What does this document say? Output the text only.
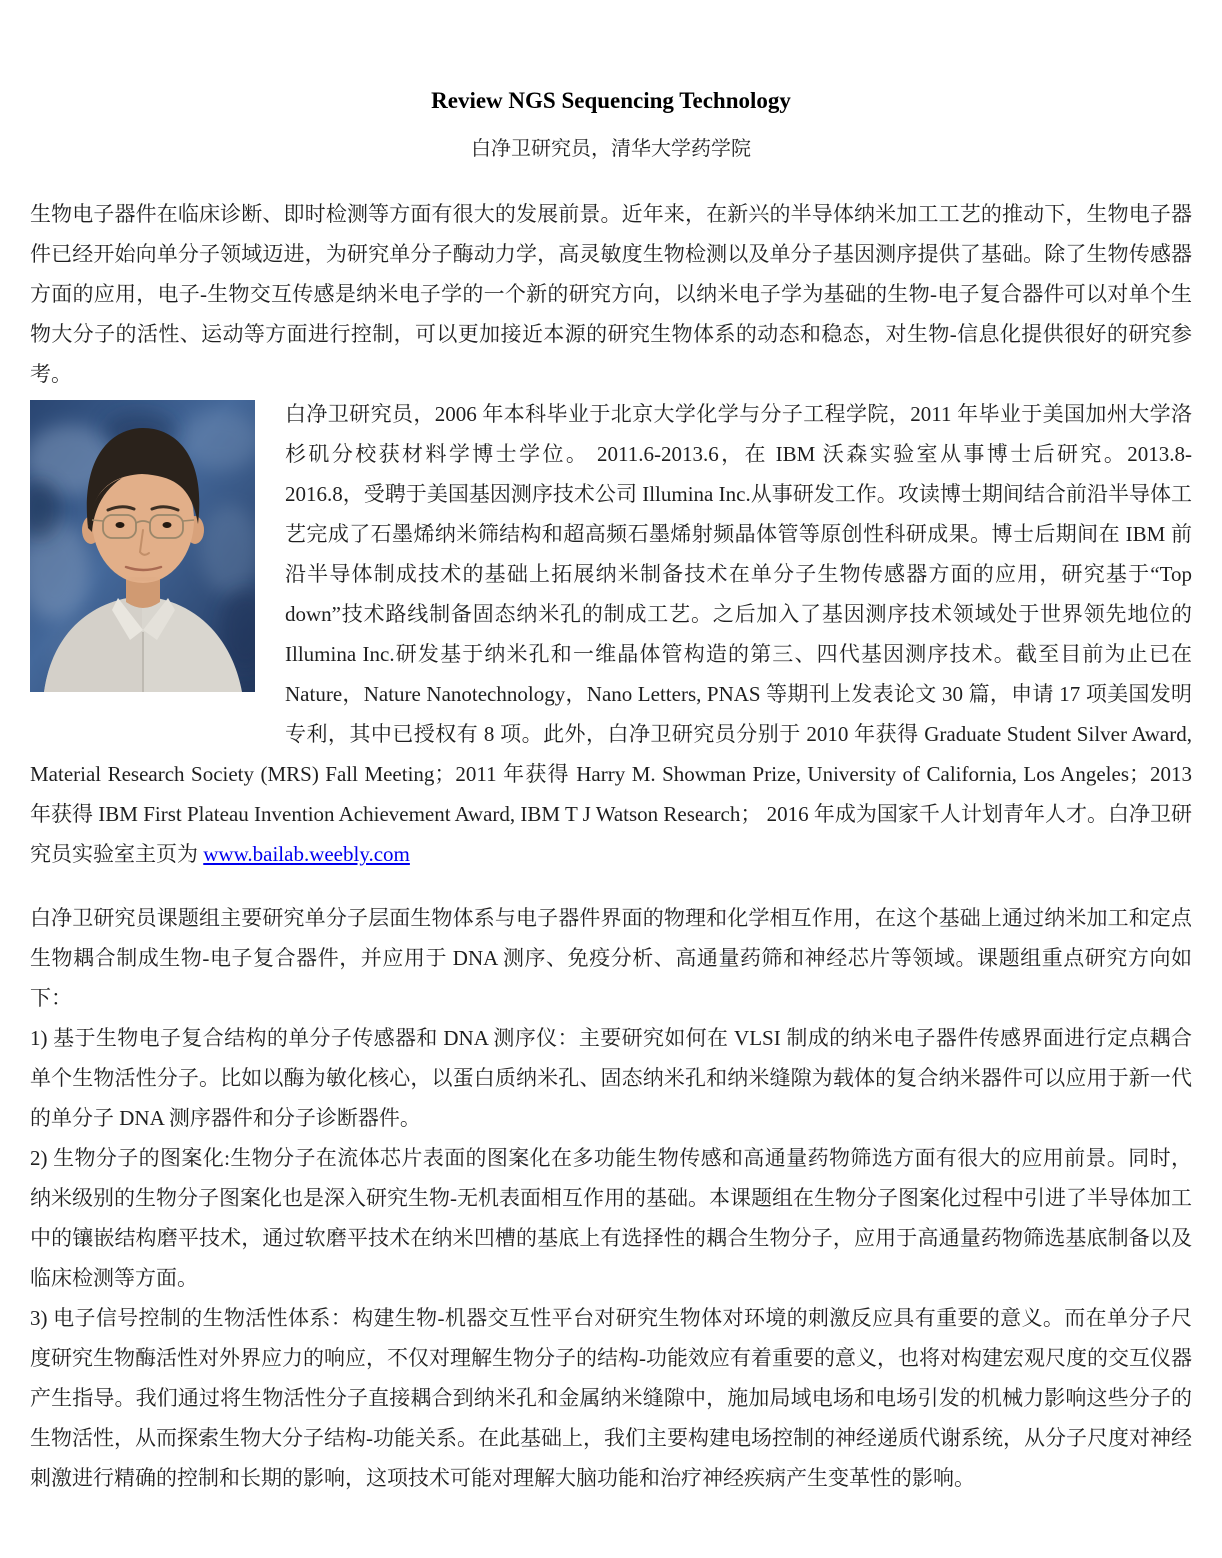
Review NGS Sequencing Technology
白净卫研究员，清华大学药学院

生物电子器件在临床诊断、即时检测等方面有很大的发展前景。近年来，在新兴的半导体纳米加工工艺的推动下，生物电子器件已经开始向单分子领域迈进，为研究单分子酶动力学，高灵敏度生物检测以及单分子基因测序提供了基础。除了生物传感器方面的应用，电子-生物交互传感是纳米电子学的一个新的研究方向，以纳米电子学为基础的生物-电子复合器件可以对单个生物大分子的活性、运动等方面进行控制，可以更加接近本源的研究生物体系的动态和稳态，对生物-信息化提供很好的研究参考。

白净卫研究员，2006 年本科毕业于北京大学化学与分子工程学院，2011 年毕业于美国加州大学洛杉矶分校获材料学博士学位。 2011.6-2013.6，在 IBM 沃森实验室从事博士后研究。2013.8-2016.8，受聘于美国基因测序技术公司 Illumina Inc.从事研发工作。攻读博士期间结合前沿半导体工艺完成了石墨烯纳米筛结构和超高频石墨烯射频晶体管等原创性科研成果。博士后期间在 IBM 前沿半导体制成技术的基础上拓展纳米制备技术在单分子生物传感器方面的应用，研究基于“Top down”技术路线制备固态纳米孔的制成工艺。之后加入了基因测序技术领域处于世界领先地位的 Illumina Inc.研发基于纳米孔和一维晶体管构造的第三、四代基因测序技术。截至目前为止已在 Nature，Nature Nanotechnology，Nano Letters, PNAS 等期刊上发表论文 30 篇，申请 17 项美国发明专利，其中已授权有 8 项。此外，白净卫研究员分别于 2010 年获得 Graduate Student Silver Award, Material Research Society (MRS) Fall Meeting；2011 年获得 Harry M. Showman Prize, University of California, Los Angeles；2013 年获得 IBM First Plateau Invention Achievement Award, IBM T J Watson Research； 2016 年成为国家千人计划青年人才。白净卫研究员实验室主页为 www.bailab.weebly.com

白净卫研究员课题组主要研究单分子层面生物体系与电子器件界面的物理和化学相互作用，在这个基础上通过纳米加工和定点生物耦合制成生物-电子复合器件，并应用于 DNA 测序、免疫分析、高通量药筛和神经芯片等领域。课题组重点研究方向如下：

1) 基于生物电子复合结构的单分子传感器和 DNA 测序仪：主要研究如何在 VLSI 制成的纳米电子器件传感界面进行定点耦合单个生物活性分子。比如以酶为敏化核心，以蛋白质纳米孔、固态纳米孔和纳米缝隙为载体的复合纳米器件可以应用于新一代的单分子 DNA 测序器件和分子诊断器件。

2) 生物分子的图案化:生物分子在流体芯片表面的图案化在多功能生物传感和高通量药物筛选方面有很大的应用前景。同时，纳米级别的生物分子图案化也是深入研究生物-无机表面相互作用的基础。本课题组在生物分子图案化过程中引进了半导体加工中的镶嵌结构磨平技术，通过软磨平技术在纳米凹槽的基底上有选择性的耦合生物分子，应用于高通量药物筛选基底制备以及临床检测等方面。

3) 电子信号控制的生物活性体系：构建生物-机器交互性平台对研究生物体对环境的刺激反应具有重要的意义。而在单分子尺度研究生物酶活性对外界应力的响应，不仅对理解生物分子的结构-功能效应有着重要的意义，也将对构建宏观尺度的交互仪器产生指导。我们通过将生物活性分子直接耦合到纳米孔和金属纳米缝隙中，施加局域电场和电场引发的机械力影响这些分子的生物活性，从而探索生物大分子结构-功能关系。在此基础上，我们主要构建电场控制的神经递质代谢系统，从分子尺度对神经刺激进行精确的控制和长期的影响，这项技术可能对理解大脑功能和治疗神经疾病产生变革性的影响。
